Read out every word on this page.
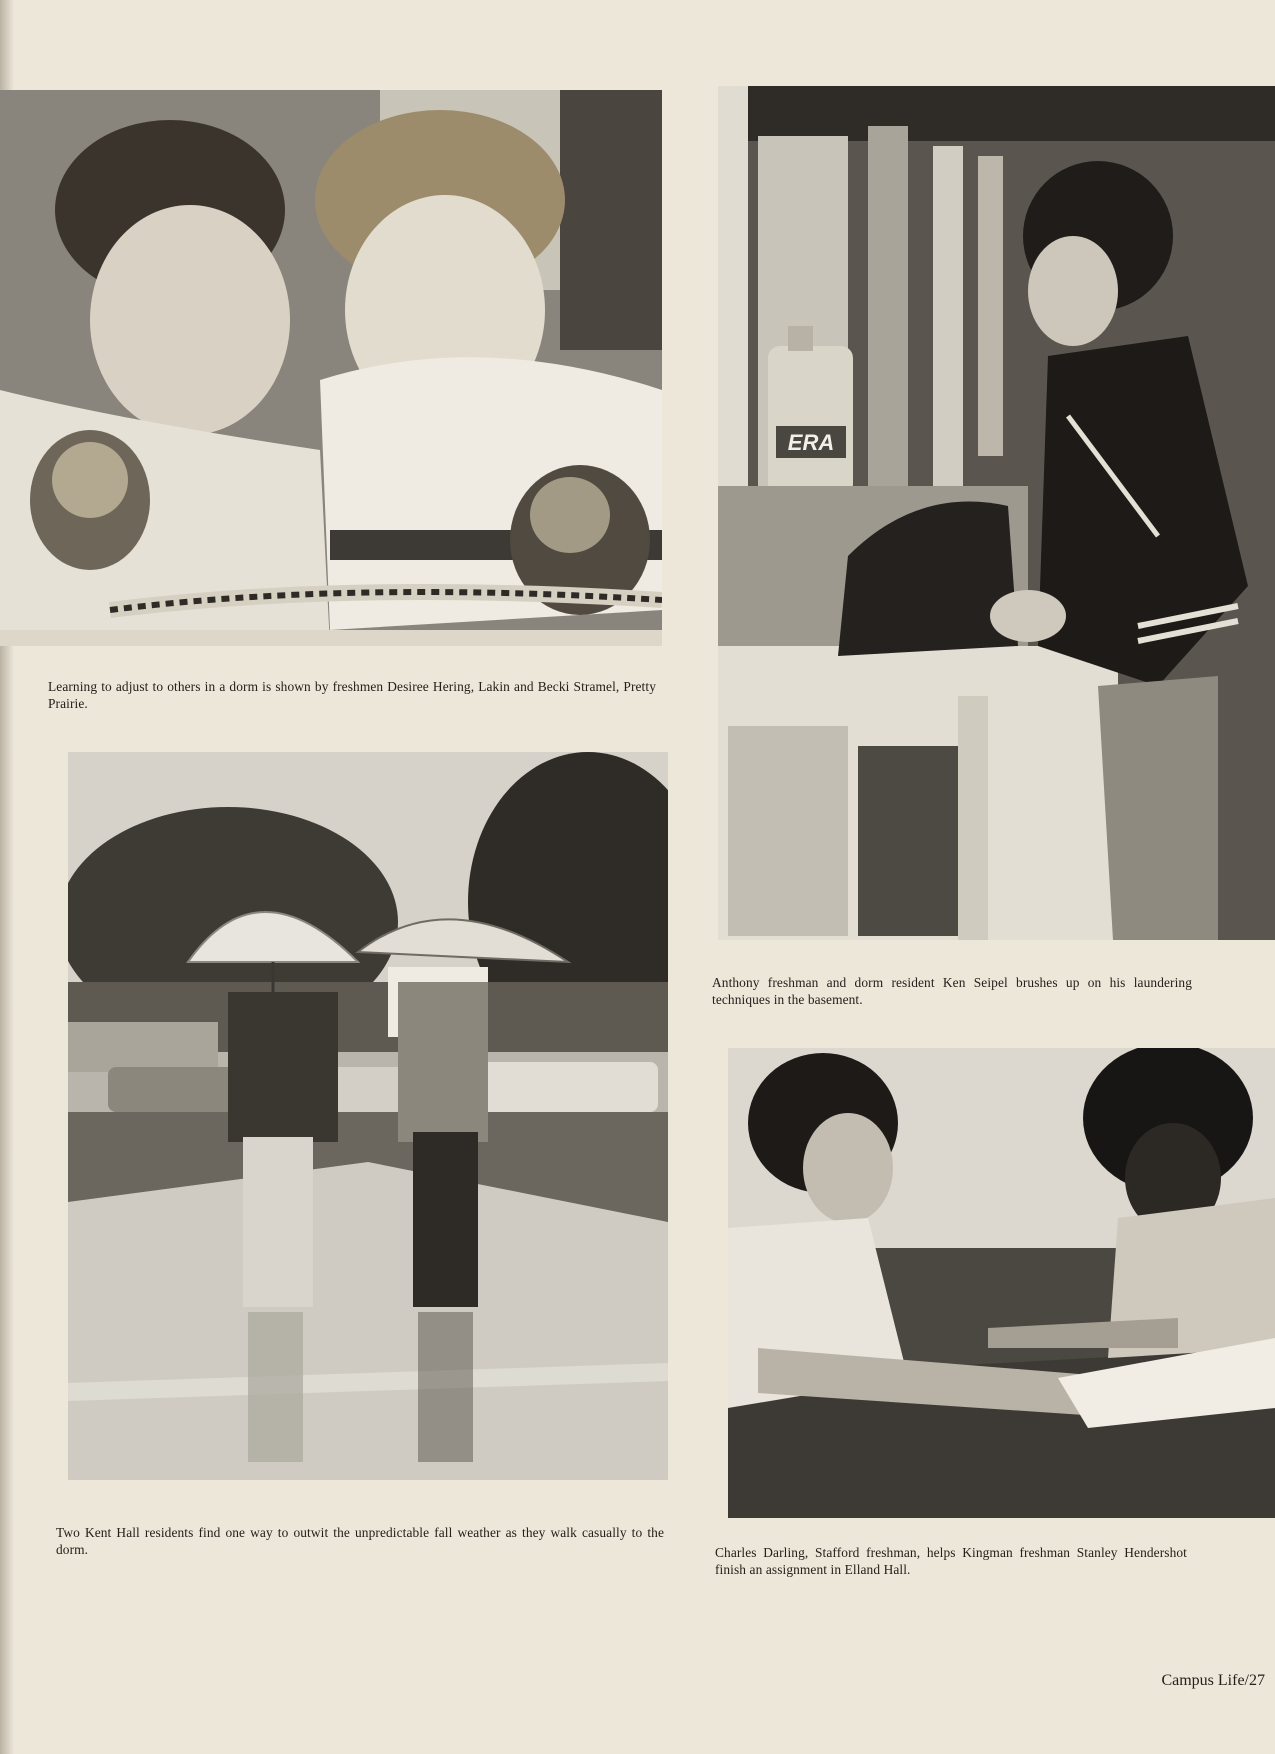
ERA
Learning to adjust to others in a dorm is shown by freshmen Desiree Hering, Lakin and Becki Stramel, Pretty Prairie.
Anthony freshman and dorm resident Ken Seipel brushes up on his laundering techniques in the basement.
Two Kent Hall residents find one way to outwit the unpredictable fall weather as they walk casually to the dorm.	Charles Darling, Stafford freshman, helps Kingman freshman Stanley Hendershot finish an assignment in Elland Hall.
Campus Life/27
